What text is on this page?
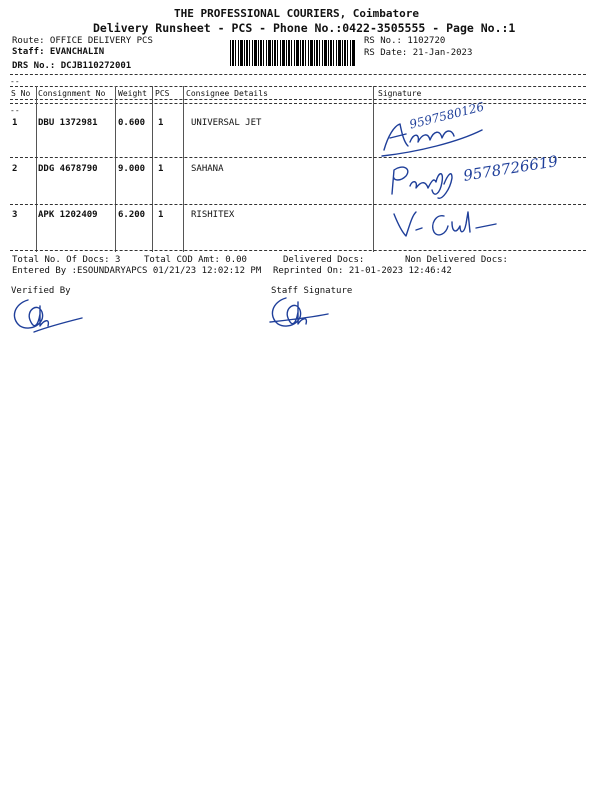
THE PROFESSIONAL COURIERS, Coimbatore
Delivery Runsheet - PCS - Phone No.:0422-3505555 - Page No.:1
Route: OFFICE DELIVERY PCS
Staff: EVANCHALIN
DRS No.: DCJB110272001
RS No.: 1102720
RS Date: 21-Jan-2023
--
S No Consignment No Weight PCS Consignee Details	Signature
--
1 DBU 1372981 0.600 1	UNIVERSAL JET	9597580126
2 DDG 4678790 9.000 1	SAHANA	9578726619
3 APK 1202409 6.200 1	RISHITEX
Total No. Of Docs: 3	Total COD Amt: 0.00	Delivered Docs:	Non Delivered Docs:
Entered By :ESOUNDARYAPCS 01/21/23 12:02:12 PM Reprinted On: 21-01-2023 12:46:42
Verified By	Staff Signature
